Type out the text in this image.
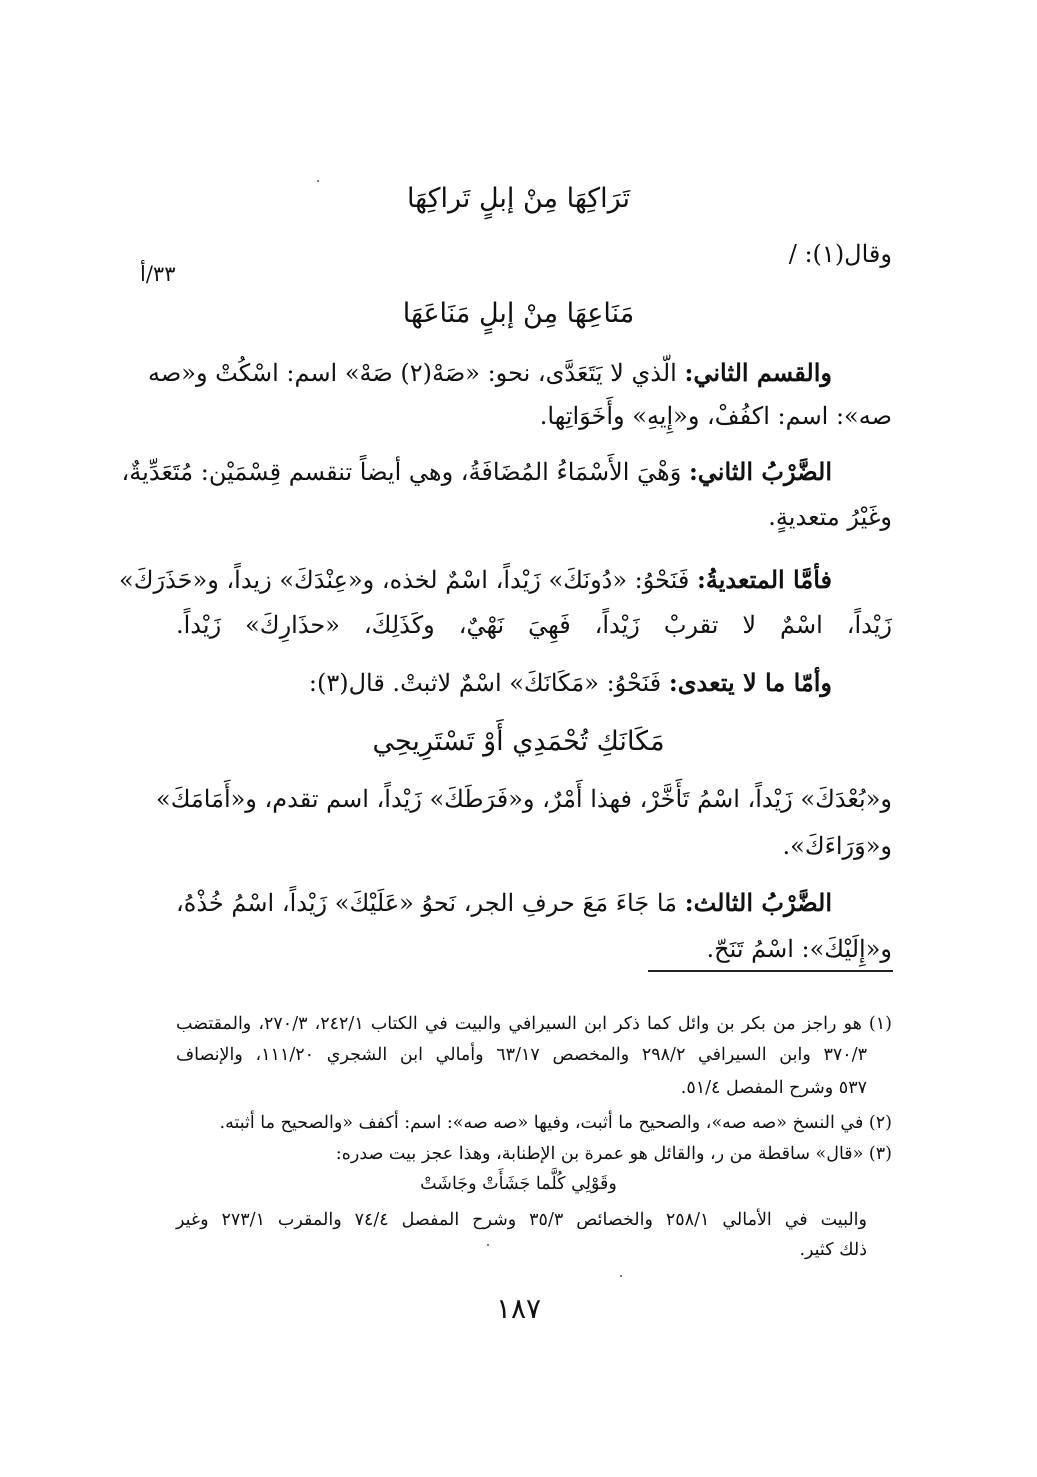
تَرَاكِهَا مِنْ إبلٍ تَراكِهَا
وقال(١): /
٣٣/أ
مَنَاعِهَا مِنْ إبلٍ مَنَاعَهَا
والقسم الثاني: الّذي لا يَتَعَدَّى، نحو: «صَهْ(٢) صَهْ» اسم: اسْكُتْ و«صه
صه»: اسم: اكفُفْ، و«إِيهِ» وأَخَوَاتِها.
الضَّرْبُ الثاني: وَهْيَ الأَسْمَاءُ المُضَافَةُ، وهي أيضاً تنقسم قِسْمَيْن: مُتَعَدِّيةٌ،
وغَيْرُ متعديةٍ.
فأمَّا المتعديةُ: فَنَحْوُ: «دُونَكَ» زَيْداً، اسْمٌ لخذه، و«عِنْدَكَ» زيداً، و«حَذَرَكَ»
زَيْداً، اسْمٌ لا تقربْ زَيْداً، فَهِيَ نَهْيٌ، وكَذَلِكَ، «حذَارِكَ» زَيْداً.
وأمّا ما لا يتعدى: فَنَحْوُ: «مَكَانَكَ» اسْمٌ لاثبتْ. قال(٣):
مَكَانَكِ تُحْمَدِي أَوْ تَسْتَرِيحِي
و«بُعْدَكَ» زَيْداً، اسْمُ تَأَخَّرْ، فهذا أَمْرٌ، و«فَرَطَكَ» زَيْداً، اسم تقدم، و«أَمَامَكَ»
و«وَرَاءَكَ».
الضَّرْبُ الثالث: مَا جَاءَ مَعَ حرفِ الجر، نَحوُ «عَلَيْكَ» زَيْداً، اسْمُ خُذْهُ،
و«إِلَيْكَ»: اسْمُ تَنَحّ.
(١) هو راجز من بكر بن وائل كما ذكر ابن السيرافي والبيت في الكتاب ٢٤٢/١، ٢٧٠/٣، والمقتضب
٣٧٠/٣ وابن السيرافي ٢٩٨/٢ والمخصص ٦٣/١٧ وأمالي ابن الشجري ١١١/٢٠، والإنصاف
٥٣٧ وشرح المفصل ٥١/٤.
(٢) في النسخ «صه صه»، والصحيح ما أثبت، وفيها «صه صه»: اسم: أكفف «والصحيح ما أثبته.
(٣) «قال» ساقطة من ر، والقائل هو عمرة بن الإطنابة، وهذا عجز بيت صدره:
وقَوْلِي كُلَّما جَشَأَتْ وجَاشَتْ
والبيت في الأمالي ٢٥٨/١ والخصائص ٣٥/٣ وشرح المفصل ٧٤/٤ والمقرب ٢٧٣/١ وغير
ذلك كثير.
١٨٧
